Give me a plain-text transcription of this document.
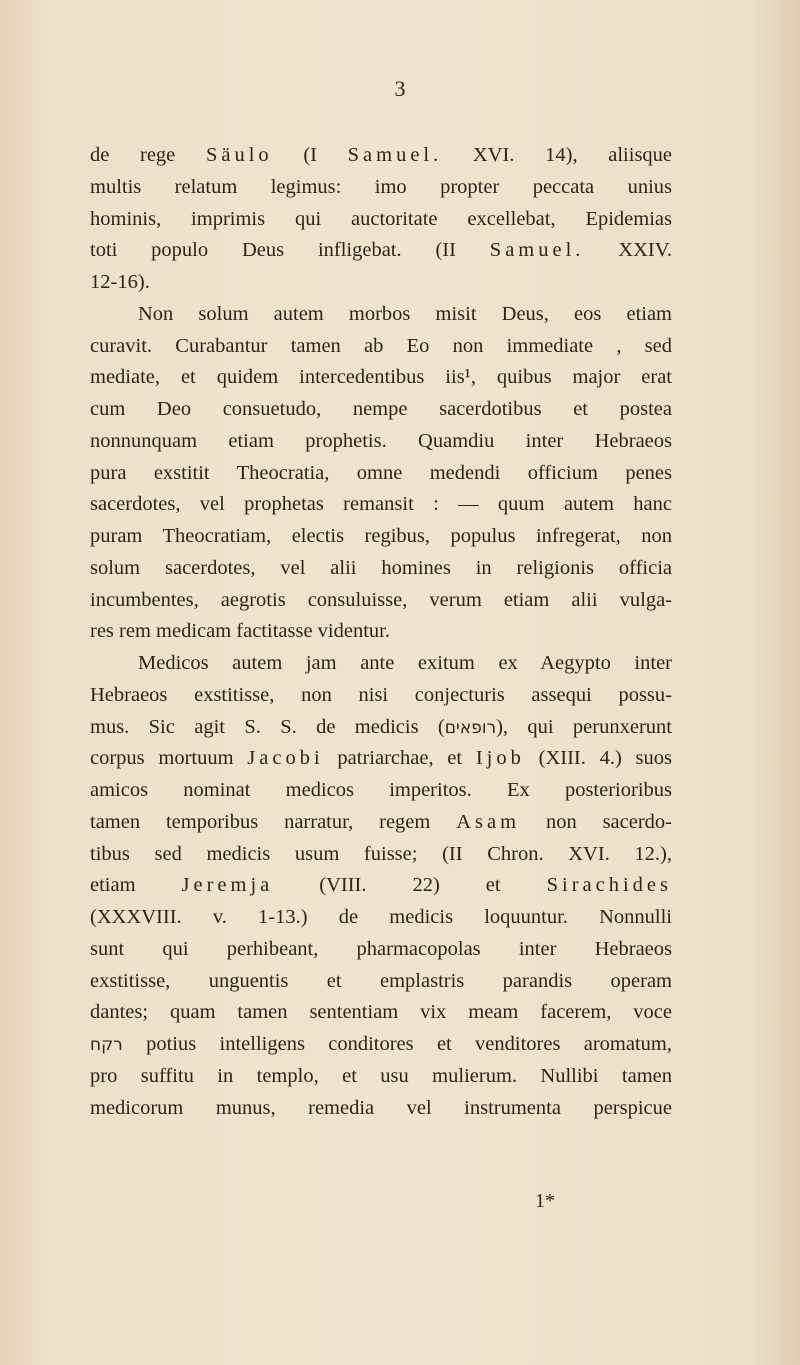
3
de rege Säulo (I Samuel. XVI. 14), aliisque
multis relatum legimus: imo propter peccata unius
hominis, imprimis qui auctoritate excellebat, Epidemias
toti populo Deus infligebat. (II Samuel. XXIV.
12-16).
Non solum autem morbos misit Deus, eos etiam
curavit. Curabantur tamen ab Eo non immediate , sed
mediate, et quidem intercedentibus iis¹, quibus major erat
cum Deo consuetudo, nempe sacerdotibus et postea
nonnunquam etiam prophetis. Quamdiu inter Hebraeos
pura exstitit Theocratia, omne medendi officium penes
sacerdotes, vel prophetas remansit : — quum autem hanc
puram Theocratiam, electis regibus, populus infregerat, non
solum sacerdotes, vel alii homines in religionis officia
incumbentes, aegrotis consuluisse, verum etiam alii vulga-
res rem medicam factitasse videntur.
Medicos autem jam ante exitum ex Aegypto inter
Hebraeos exstitisse, non nisi conjecturis assequi possu-
mus. Sic agit S. S. de medicis (רופאים), qui perunxerunt
corpus mortuum Jacobi patriarchae, et Ijob (XIII. 4.) suos
amicos nominat medicos imperitos. Ex posterioribus
tamen temporibus narratur, regem Asam non sacerdo-
tibus sed medicis usum fuisse; (II Chron. XVI. 12.),
etiam Jeremja (VIII. 22) et Sirachides
(XXXVIII. v. 1-13.) de medicis loquuntur. Nonnulli
sunt qui perhibeant, pharmacopolas inter Hebraeos
exstitisse, unguentis et emplastris parandis operam
dantes; quam tamen sententiam vix meam facerem, voce
רקח potius intelligens conditores et venditores aromatum,
pro suffitu in templo, et usu mulierum. Nullibi tamen
medicorum munus, remedia vel instrumenta perspicue
1*
